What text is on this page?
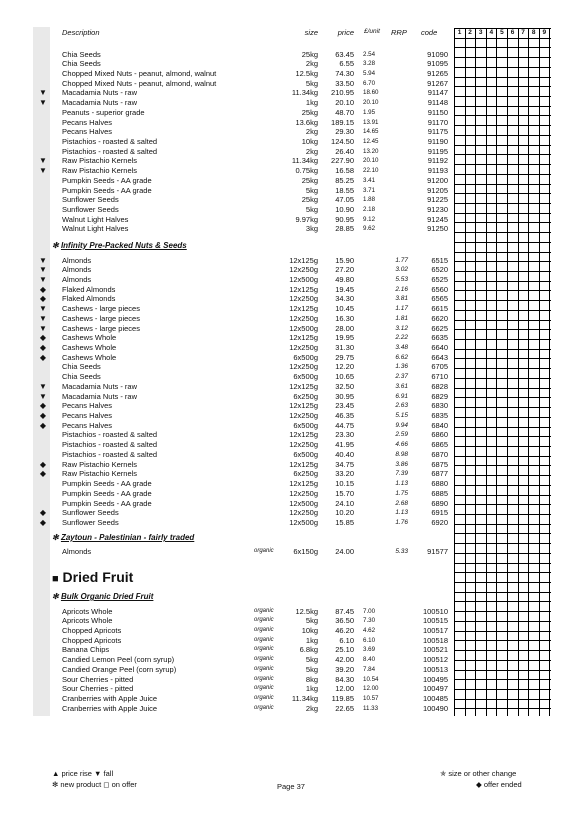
Description	size	price £/unit RRP code
Chia Seeds	25kg	63.45 2.54	91090
Chia Seeds	2kg	6.55 3.28	91095
Chopped Mixed Nuts - peanut, almond, walnut	12.5kg	74.30 5.94	91265
Chopped Mixed Nuts - peanut, almond, walnut	5kg	33.50 6.70	91267
▼ Macadamia Nuts - raw	11.34kg	210.95 18.60	91147
▼ Macadamia Nuts - raw	1kg	20.10 20.10	91148
Peanuts - superior grade	25kg	48.70 1.95	91150
Pecans Halves	13.6kg	189.15 13.91	91170
Pecans Halves	2kg	29.30 14.65	91175
Pistachios - roasted & salted	10kg	124.50 12.45	91190
Pistachios - roasted & salted	2kg	26.40 13.20	91195
▼ Raw Pistachio Kernels	11.34kg	227.90 20.10	91192
▼ Raw Pistachio Kernels	0.75kg	16.58 22.10	91193
Pumpkin Seeds - AA grade	25kg	85.25 3.41	91200
Pumpkin Seeds - AA grade	5kg	18.55 3.71	91205
Sunflower Seeds	25kg	47.05 1.88	91225
Sunflower Seeds	5kg	10.90 2.18	91230
Walnut Light Halves	9.97kg	90.95 9.12	91245
Walnut Light Halves	3kg	28.85 9.62	91250
✻ Infinity Pre-Packed Nuts & Seeds
▼ Almonds	12x125g	15.90	1.77	6515
▼ Almonds	12x250g	27.20	3.02	6520
▼ Almonds	12x500g	49.80	5.53	6525
◆ Flaked Almonds	12x125g	19.45	2.16	6560
◆ Flaked Almonds	12x250g	34.30	3.81	6565
▼ Cashews - large pieces	12x125g	10.45	1.17	6615
▼ Cashews - large pieces	12x250g	16.30	1.81	6620
▼ Cashews - large pieces	12x500g	28.00	3.12	6625
◆ Cashews Whole	12x125g	19.95	2.22	6635
◆ Cashews Whole	12x250g	31.30	3.48	6640
◆ Cashews Whole	6x500g	29.75	6.62	6643
Chia Seeds	12x250g	12.20	1.36	6705
Chia Seeds	6x500g	10.65	2.37	6710
▼ Macadamia Nuts - raw	12x125g	32.50	3.61	6828
▼ Macadamia Nuts - raw	6x250g	30.95	6.91	6829
◆ Pecans Halves	12x125g	23.45	2.63	6830
◆ Pecans Halves	12x250g	46.35	5.15	6835
◆ Pecans Halves	6x500g	44.75	9.94	6840
Pistachios - roasted & salted	12x125g	23.30	2.59	6860
Pistachios - roasted & salted	12x250g	41.95	4.66	6865
Pistachios - roasted & salted	6x500g	40.40	8.98	6870
◆ Raw Pistachio Kernels	12x125g	34.75	3.86	6875
◆ Raw Pistachio Kernels	6x250g	33.20	7.39	6877
Pumpkin Seeds - AA grade	12x125g	10.15	1.13	6880
Pumpkin Seeds - AA grade	12x250g	15.70	1.75	6885
Pumpkin Seeds - AA grade	12x500g	24.10	2.68	6890
◆ Sunflower Seeds	12x250g	10.20	1.13	6915
◆ Sunflower Seeds	12x500g	15.85	1.76	6920
✻ Zaytoun - Palestinian - fairly traded
Almonds	organic	6x150g	24.00	5.33	91577
■ Dried Fruit
✻ Bulk Organic Dried Fruit
Apricots Whole	organic	12.5kg	87.45 7.00	100510
Apricots Whole	organic	5kg	36.50 7.30	100515
Chopped Apricots	organic	10kg	46.20 4.62	100517
Chopped Apricots	organic	1kg	6.10 6.10	100518
Banana Chips	organic	6.8kg	25.10 3.69	100521
Candied Lemon Peel (corn syrup)	organic	5kg	42.00 8.40	100512
Candied Orange Peel (corn syrup)	organic	5kg	39.20 7.84	100513
Sour Cherries - pitted	organic	8kg	84.30 10.54	100495
Sour Cherries - pitted	organic	1kg	12.00 12.00	100497
Cranberries with Apple Juice	organic	11.34kg	119.85 10.57	100485
Cranberries with Apple Juice	organic	2kg	22.65 11.33	100490
1	2	3	4	5	6	7	8	9
▲ price rise ▼ fall
✻ new product ◻ on offer	Page 37
✯ size or other change
◆ offer ended
